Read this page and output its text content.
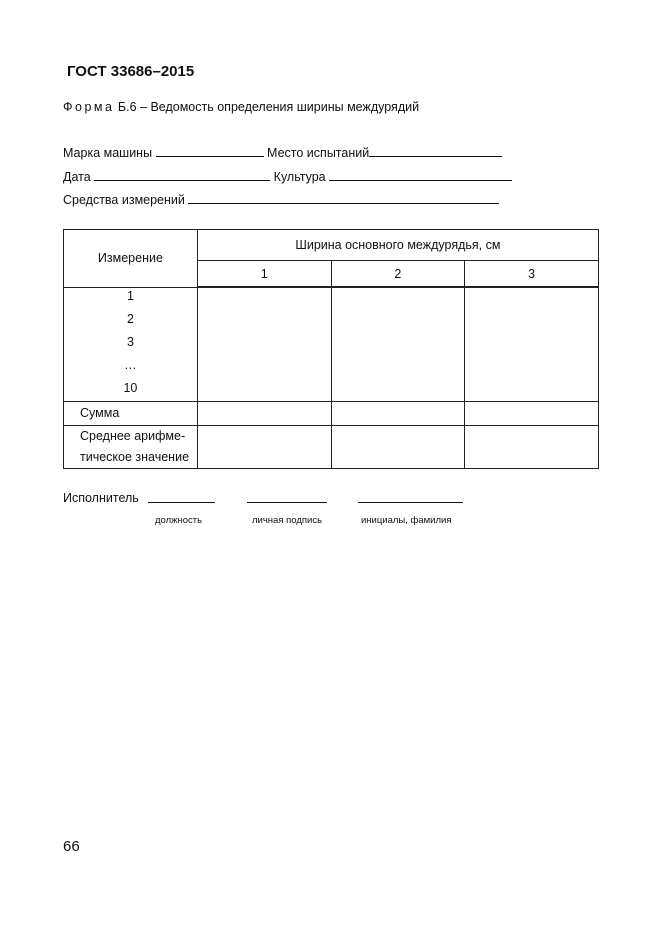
ГОСТ 33686–2015
Форма Б.6 – Ведомость определения ширины междурядий
Марка машины	Место испытаний
Дата	Культура
Средства измерений
Измерение	Ширина основного междурядья, см		
	1	2	3

1
2
3
…
10			

Сумма			

Среднее арифме-
тическое значение			

Исполнитель
должность	личная подпись	инициалы, фамилия
66
